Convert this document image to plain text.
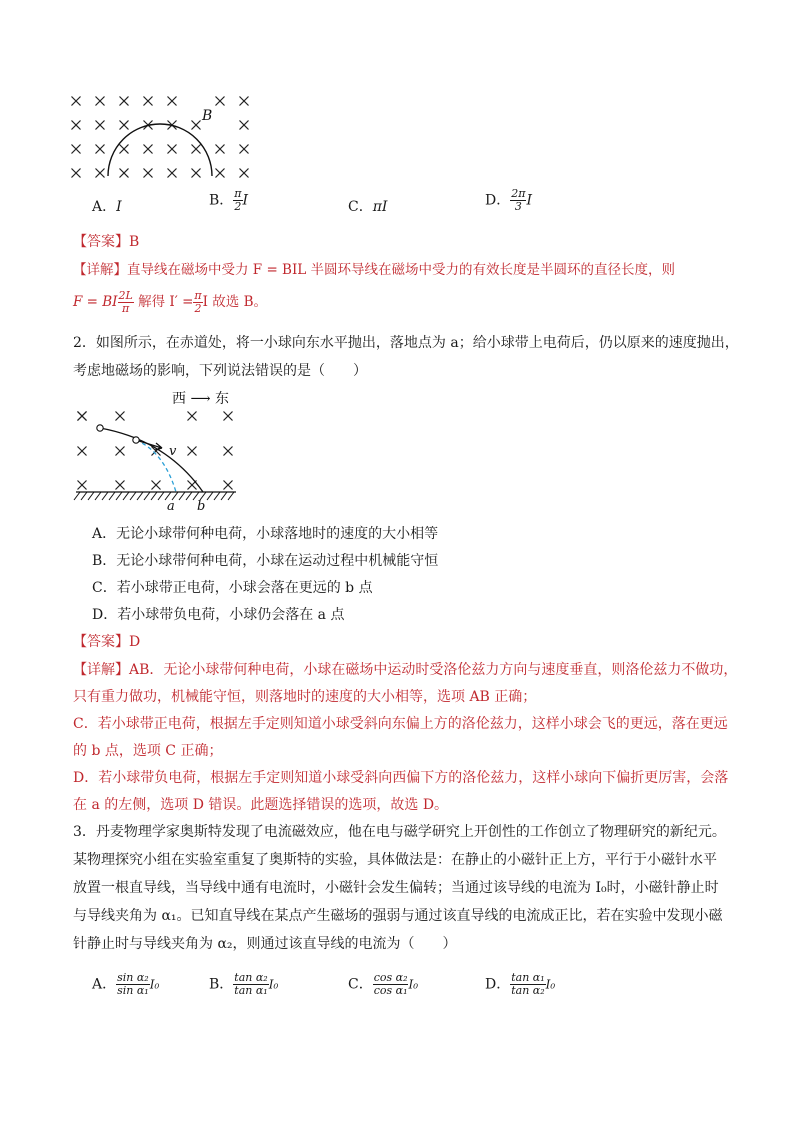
B
A．I	B． $\frac{\pi}{2}$ I	C．πI	D． $\frac{2\pi}{3}$ I
【答案】B
【详解】直导线在磁场中受力 F = BIL 半圆环导线在磁场中受力的有效长度是半圆环的直径长度，则
F = BI $\frac{2L}{\pi}$ 解得 $I' = \frac{\pi}{2}$ I 故选 B。
2．如图所示，在赤道处，将一小球向东水平抛出，落地点为 a；给小球带上电荷后，仍以原来的速度抛出，
考虑地磁场的影响，下列说法错误的是（　　）
西 ⟶ 东
v
a b
A．无论小球带何种电荷，小球落地时的速度的大小相等
B．无论小球带何种电荷，小球在运动过程中机械能守恒
C．若小球带正电荷，小球会落在更远的 b 点
D．若小球带负电荷，小球仍会落在 a 点
【答案】D
【详解】AB．无论小球带何种电荷，小球在磁场中运动时受洛伦兹力方向与速度垂直，则洛伦兹力不做功，
只有重力做功，机械能守恒，则落地时的速度的大小相等，选项 AB 正确；
C．若小球带正电荷，根据左手定则知道小球受斜向东偏上方的洛伦兹力，这样小球会飞的更远，落在更远
的 b 点，选项 C 正确；
D．若小球带负电荷，根据左手定则知道小球受斜向西偏下方的洛伦兹力，这样小球向下偏折更厉害，会落
在 a 的左侧，选项 D 错误。此题选择错误的选项，故选 D。
3．丹麦物理学家奥斯特发现了电流磁效应，他在电与磁学研究上开创性的工作创立了物理研究的新纪元。
某物理探究小组在实验室重复了奥斯特的实验，具体做法是：在静止的小磁针正上方，平行于小磁针水平
放置一根直导线，当导线中通有电流时，小磁针会发生偏转；当通过该导线的电流为 I₀时，小磁针静止时
与导线夹角为 α₁。已知直导线在某点产生磁场的强弱与通过该直导线的电流成正比，若在实验中发现小磁
针静止时与导线夹角为 α₂，则通过该直导线的电流为（　　）
A． $\frac{\text{sin α₂}}{\text{sin α₁}} I_0$	B． $\frac{\text{tan α₂}}{\text{tan α₁}} I_0$	C． $\frac{\text{cos α₂}}{\text{cos α₁}} I_0$	D． $\frac{\text{tan α₁}}{\text{tan α₂}} I_0$
